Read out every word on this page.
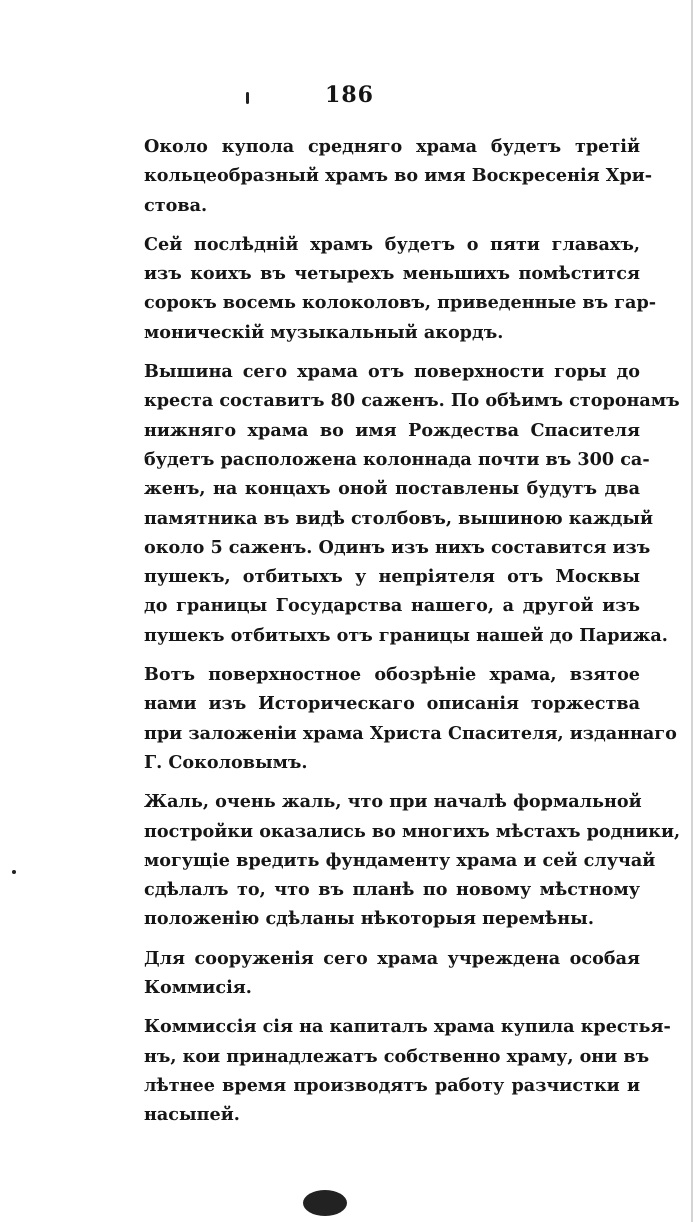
186

Около купола средняго храма будетъ третій
кольцеобразный храмъ во имя Воскресенія Хри-
стова.

Сей послѣдній храмъ будетъ о пяти главахъ,
изъ коихъ въ четырехъ меньшихъ помѣстится
сорокъ восемь колоколовъ, приведенные въ гар-
моническій музыкальный акордъ.

Вышина сего храма отъ поверхности горы до
креста составитъ 80 саженъ. По обѣимъ сторонамъ
нижняго храма во имя Рождества Спасителя
будетъ расположена колоннада почти въ 300 са-
женъ, на концахъ оной поставлены будутъ два
памятника въ видѣ столбовъ, вышиною каждый
около 5 саженъ. Одинъ изъ нихъ составится изъ
пушекъ, отбитыхъ у непріятеля отъ Москвы
до границы Государства нашего, а другой изъ
пушекъ отбитыхъ отъ границы нашей до Парижа.

Вотъ поверхностное обозрѣніе храма, взятое
нами изъ Историческаго описанія торжества
при заложеніи храма Христа Спасителя, изданнаго
Г. Соколовымъ.

Жаль, очень жаль, что при началѣ формальной
постройки оказались во многихъ мѣстахъ родники,
могущіе вредить фундаменту храма и сей случай
сдѣлалъ то, что въ планѣ по новому мѣстному
положенію сдѣланы нѣкоторыя перемѣны.

Для сооруженія сего храма учреждена особая
Коммисія.

Коммиссія сія на капиталъ храма купила крестья-
нъ, кои принадлежатъ собственно храму, они въ
лѣтнее время производятъ работу разчистки и
насыпей.
